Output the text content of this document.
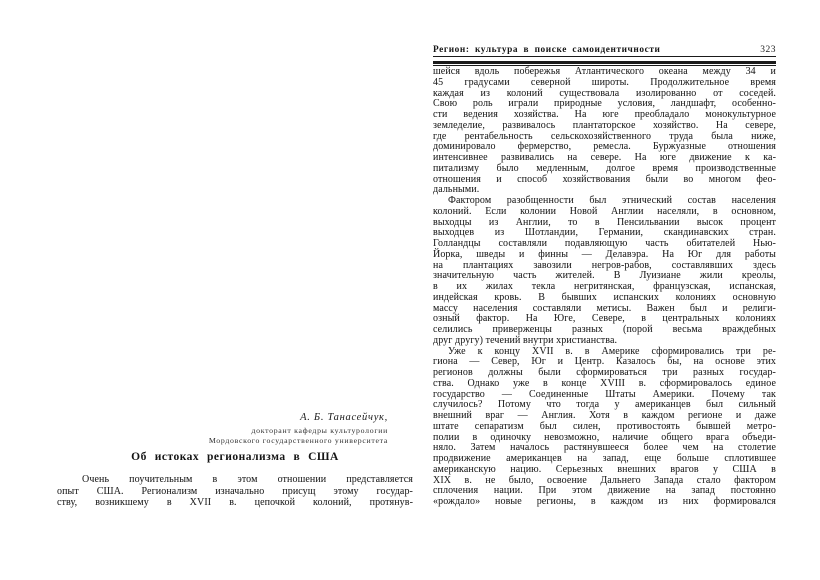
А. Б. Танасейчук,
докторант кафедры культурологии
Мордовского государственного университета
Об истоках регионализма в США
Очень поучительным в этом отношении представляется
опыт США. Регионализм изначально присущ этому государ-
ству, возникшему в XVII в. цепочкой колоний, протянув-
Регион: культура в поиске самоидентичности	323
шейся вдоль побережья Атлантического океана между 34 и
45 градусами северной широты. Продолжительное время
каждая из колоний существовала изолированно от соседей.
Свою роль играли природные условия, ландшафт, особенно-
сти ведения хозяйства. На юге преобладало монокультурное
земледелие, развивалось плантаторское хозяйство. На севере,
где рентабельность сельскохозяйственного труда была ниже,
доминировало фермерство, ремесла. Буржуазные отношения
интенсивнее развивались на севере. На юге движение к ка-
питализму было медленным, долгое время производственные
отношения и способ хозяйствования были во многом фео-
дальными.
Фактором разобщенности был этнический состав населения
колоний. Если колонии Новой Англии населяли, в основном,
выходцы из Англии, то в Пенсильвании высок процент
выходцев из Шотландии, Германии, скандинавских стран.
Голландцы составляли подавляющую часть обитателей Нью-
Йорка, шведы и финны — Делавэра. На Юг для работы
на плантациях завозили негров-рабов, составлявших здесь
значительную часть жителей. В Луизиане жили креолы,
в их жилах текла негритянская, французская, испанская,
индейская кровь. В бывших испанских колониях основную
массу населения составляли метисы. Важен был и религи-
озный фактор. На Юге, Севере, в центральных колониях
селились приверженцы разных (порой весьма враждебных
друг другу) течений внутри христианства.
Уже к концу XVII в. в Америке сформировались три ре-
гиона — Север, Юг и Центр. Казалось бы, на основе этих
регионов должны были сформироваться три разных государ-
ства. Однако уже в конце XVIII в. сформировалось единое
государство — Соединенные Штаты Америки. Почему так
случилось? Потому что тогда у американцев был сильный
внешний враг — Англия. Хотя в каждом регионе и даже
штате сепаратизм был силен, противостоять бывшей метро-
полии в одиночку невозможно, наличие общего врага объеди-
няло. Затем началось растянувшееся более чем на столетие
продвижение американцев на запад, еще больше сплотившее
американскую нацию. Серьезных внешних врагов у США в
XIX в. не было, освоение Дальнего Запада стало фактором
сплочения нации. При этом движение на запад постоянно
«рождало» новые регионы, в каждом из них формировался
